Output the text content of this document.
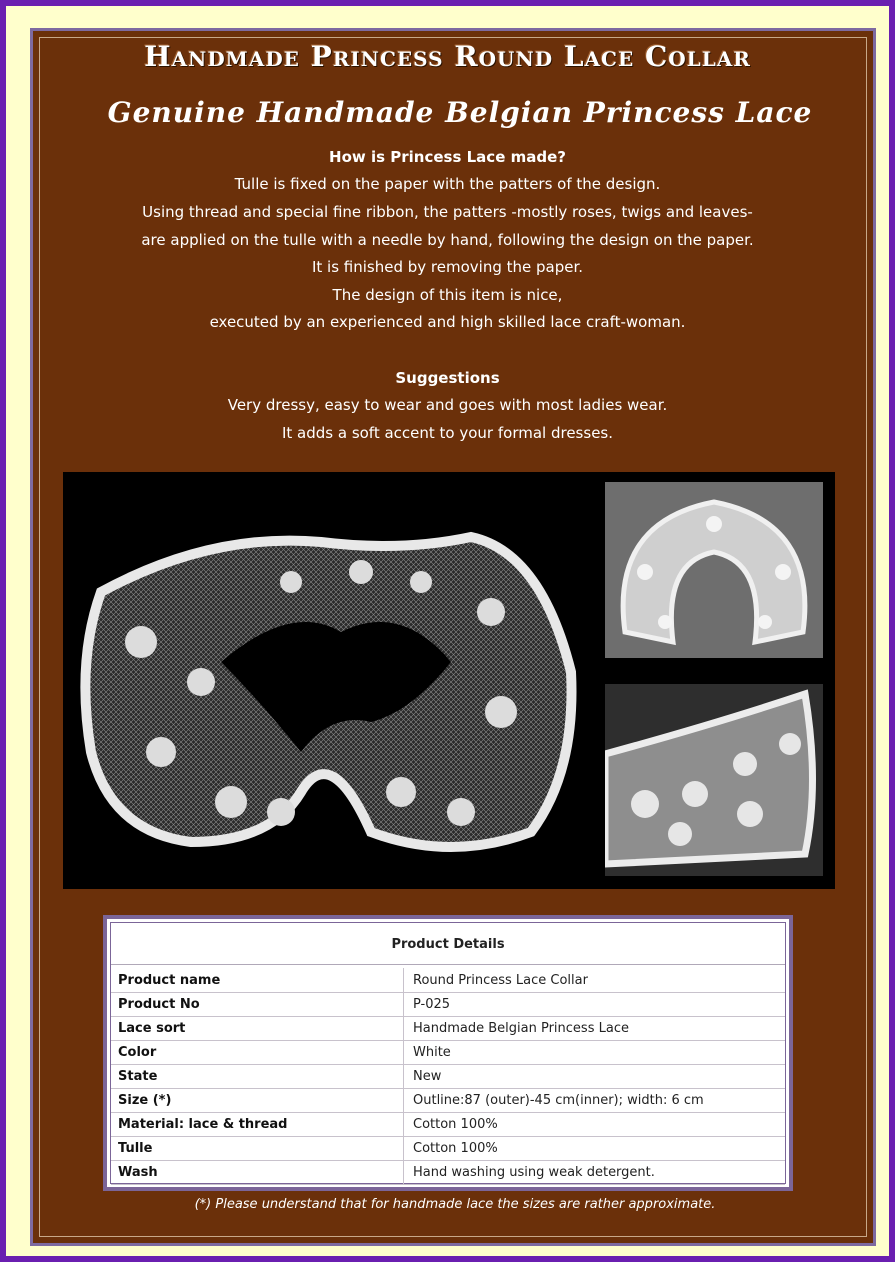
Handmade Princess Round Lace Collar
Genuine Handmade Belgian Princess Lace
How is Princess Lace made?
Tulle is fixed on the paper with the patters of the design.
Using thread and special fine ribbon, the patters -mostly roses, twigs and leaves-
are applied on the tulle with a needle by hand, following the design on the paper.
It is finished by removing the paper.
The design of this item is nice,
executed by an experienced and high skilled lace craft-woman.
Suggestions
Very dressy, easy to wear and goes with most ladies wear.
It adds a soft accent to your formal dresses.
Product Details
Product name	Round Princess Lace Collar
Product No	P-025
Lace sort	Handmade Belgian Princess Lace
Color	White
State	New
Size (*)	Outline:87 (outer)-45 cm(inner); width: 6 cm
Material: lace & thread	Cotton 100%
Tulle	Cotton 100%
Wash	Hand washing using weak detergent.
(*) Please understand that for handmade lace the sizes are rather approximate.
